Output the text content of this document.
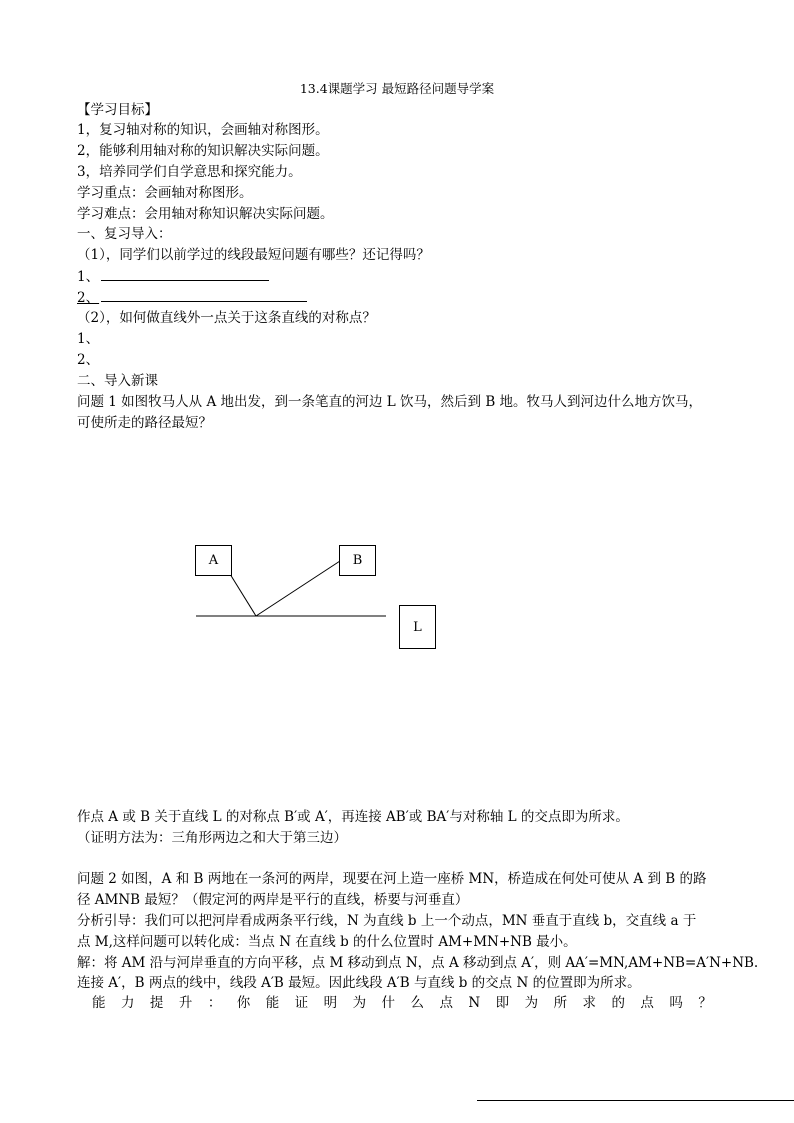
13.4课题学习 最短路径问题导学案
【学习目标】
1，复习轴对称的知识，会画轴对称图形。
2，能够利用轴对称的知识解决实际问题。
3，培养同学们自学意思和探究能力。
学习重点：会画轴对称图形。
学习难点：会用轴对称知识解决实际问题。
一、复习导入：
（1），同学们以前学过的线段最短问题有哪些？还记得吗？
1、
2、
（2），如何做直线外一点关于这条直线的对称点？
1、
2、
二、导入新课
问题 1 如图牧马人从 A 地出发，到一条笔直的河边 L 饮马，然后到 B 地。牧马人到河边什么地方饮马，
可使所走的路径最短？
A	B
L
作点 A 或 B 关于直线 L 的对称点 B′或 A′，再连接 AB′或 BA′与对称轴 L 的交点即为所求。
（证明方法为：三角形两边之和大于第三边）
问题 2 如图，A 和 B 两地在一条河的两岸，现要在河上造一座桥 MN，桥造成在何处可使从 A 到 B 的路
径 AMNB 最短？（假定河的两岸是平行的直线，桥要与河垂直）
分析引导：我们可以把河岸看成两条平行线，N 为直线 b 上一个动点，MN 垂直于直线 b，交直线 a 于
点 M,这样问题可以转化成：当点 N 在直线 b 的什么位置时 AM+MN+NB 最小。
解：将 AM 沿与河岸垂直的方向平移，点 M 移动到点 N，点 A 移动到点 A′，则 AA′=MN,AM+NB=A′N+NB.
连接 A′，B 两点的线中，线段 A′B 最短。因此线段 A′B 与直线 b 的交点 N 的位置即为所求。
能 力 提 升 ： 你 能 证 明 为 什 么 点 N 即 为 所 求 的 点 吗 ？
